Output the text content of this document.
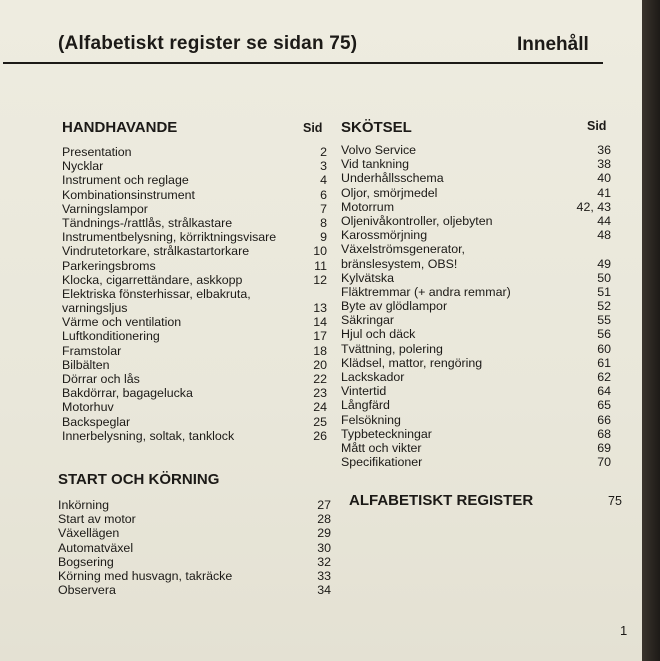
(Alfabetiskt register se sidan 75)	Innehåll
HANDHAVANDE	Sid
Presentation	2
Nycklar	3
Instrument och reglage	4
Kombinationsinstrument	6
Varningslampor	7
Tändnings-/rattlås, strålkastare	8
Instrumentbelysning, körriktningsvisare	9
Vindrutetorkare, strålkastartorkare	10
Parkeringsbroms	11
Klocka, cigarrettändare, askkopp	12
Elektriska fönsterhissar, elbakruta,
varningsljus	13
Värme och ventilation	14
Luftkonditionering	17
Framstolar	18
Bilbälten	20
Dörrar och lås	22
Bakdörrar, bagagelucka	23
Motorhuv	24
Backspeglar	25
Innerbelysning, soltak, tanklock	26
START OCH KÖRNING
Inkörning	27
Start av motor	28
Växellägen	29
Automatväxel	30
Bogsering	32
Körning med husvagn, takräcke	33
Observera	34
SKÖTSEL	Sid
Volvo Service	36
Vid tankning	38
Underhållsschema	40
Oljor, smörjmedel	41
Motorrum	42, 43
Oljenivåkontroller, oljebyten	44
Karossmörjning	48
Växelströmsgenerator,
bränslesystem, OBS!	49
Kylvätska	50
Fläktremmar (+ andra remmar)	51
Byte av glödlampor	52
Säkringar	55
Hjul och däck	56
Tvättning, polering	60
Klädsel, mattor, rengöring	61
Lackskador	62
Vintertid	64
Långfärd	65
Felsökning	66
Typbeteckningar	68
Mått och vikter	69
Specifikationer	70
ALFABETISKT REGISTER	75
1
